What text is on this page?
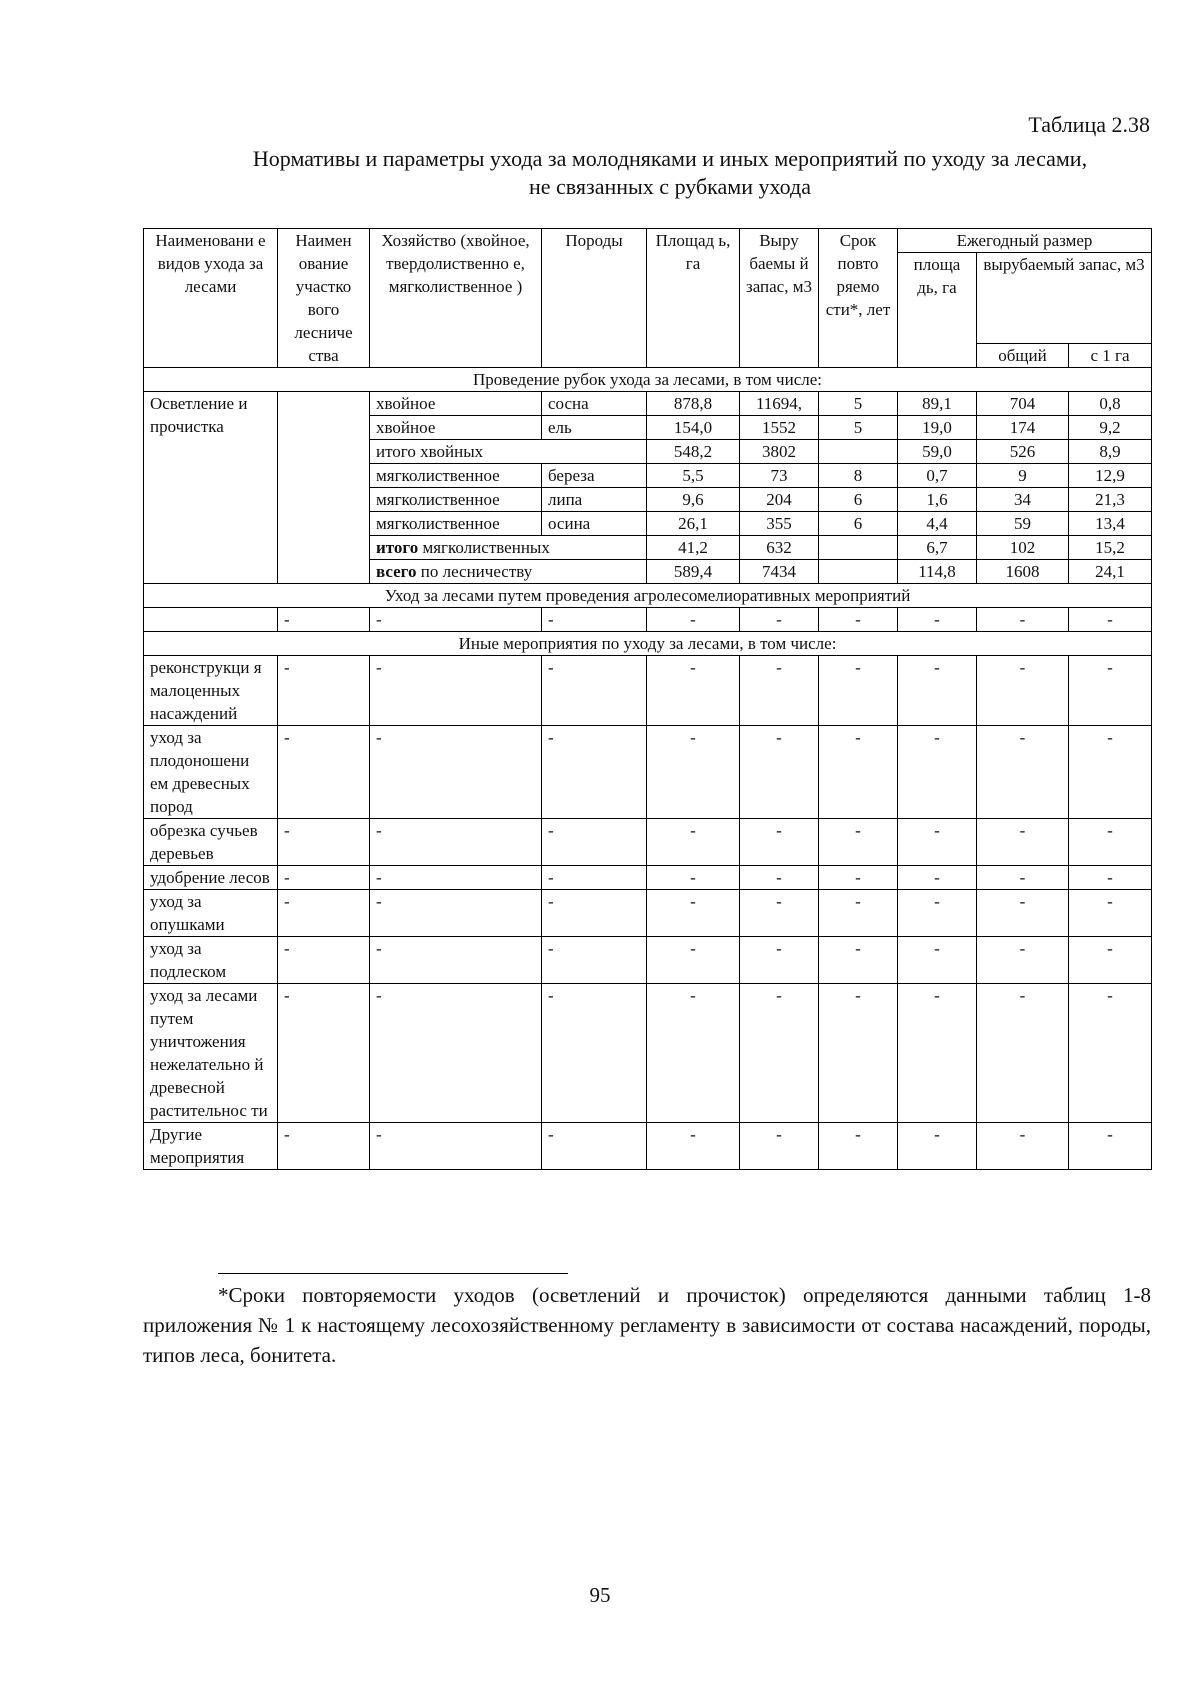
Таблица 2.38
Нормативы и параметры ухода за молодняками и иных мероприятий по уходу за лесами,
не связанных с рубками ухода
Наименовани е видов ухода за лесами	Наимен ование участко вого лесниче ства	Хозяйство (хвойное, твердолиственно е, мягколиственное )	Породы	Площад ь, га	Выру баемы й запас, м3	Срок повто ряемо сти*, лет	Ежегодный размер		
							площа дь, га	вырубаемый запас, м3	
								общий	с 1 га
Проведение рубок ухода за лесами, в том числе:									
Осветление и прочистка		хвойное	сосна	878,8	11694,	5	89,1	704	0,8
		хвойное	ель	154,0	1552	5	19,0	174	9,2
		итого хвойных		548,2	3802		59,0	526	8,9
		мягколиственное	береза	5,5	73	8	0,7	9	12,9
		мягколиственное	липа	9,6	204	6	1,6	34	21,3
		мягколиственное	осина	26,1	355	6	4,4	59	13,4
		итого мягколиственных		41,2	632		6,7	102	15,2
		всего по лесничеству		589,4	7434		114,8	1608	24,1
Уход за лесами путем проведения агролесомелиоративных мероприятий									
	-	-	-	-	-	-	-	-	-
Иные мероприятия по уходу за лесами, в том числе:									
реконструкци я малоценных насаждений	-	-	-	-	-	-	-	-	-
уход за плодоношени ем древесных пород	-	-	-	-	-	-	-	-	-
обрезка сучьев деревьев	-	-	-	-	-	-	-	-	-
удобрение лесов	-	-	-	-	-	-	-	-	-
уход за опушками	-	-	-	-	-	-	-	-	-
уход за подлеском	-	-	-	-	-	-	-	-	-
уход за лесами путем уничтожения нежелательно й древесной растительнос ти	-	-	-	-	-	-	-	-	-
Другие мероприятия	-	-	-	-	-	-	-	-	-
*Сроки повторяемости уходов (осветлений и прочисток) определяются данными таблиц 1-8 приложения № 1 к настоящему лесохозяйственному регламенту в зависимости от состава насаждений, породы, типов леса, бонитета.
95
